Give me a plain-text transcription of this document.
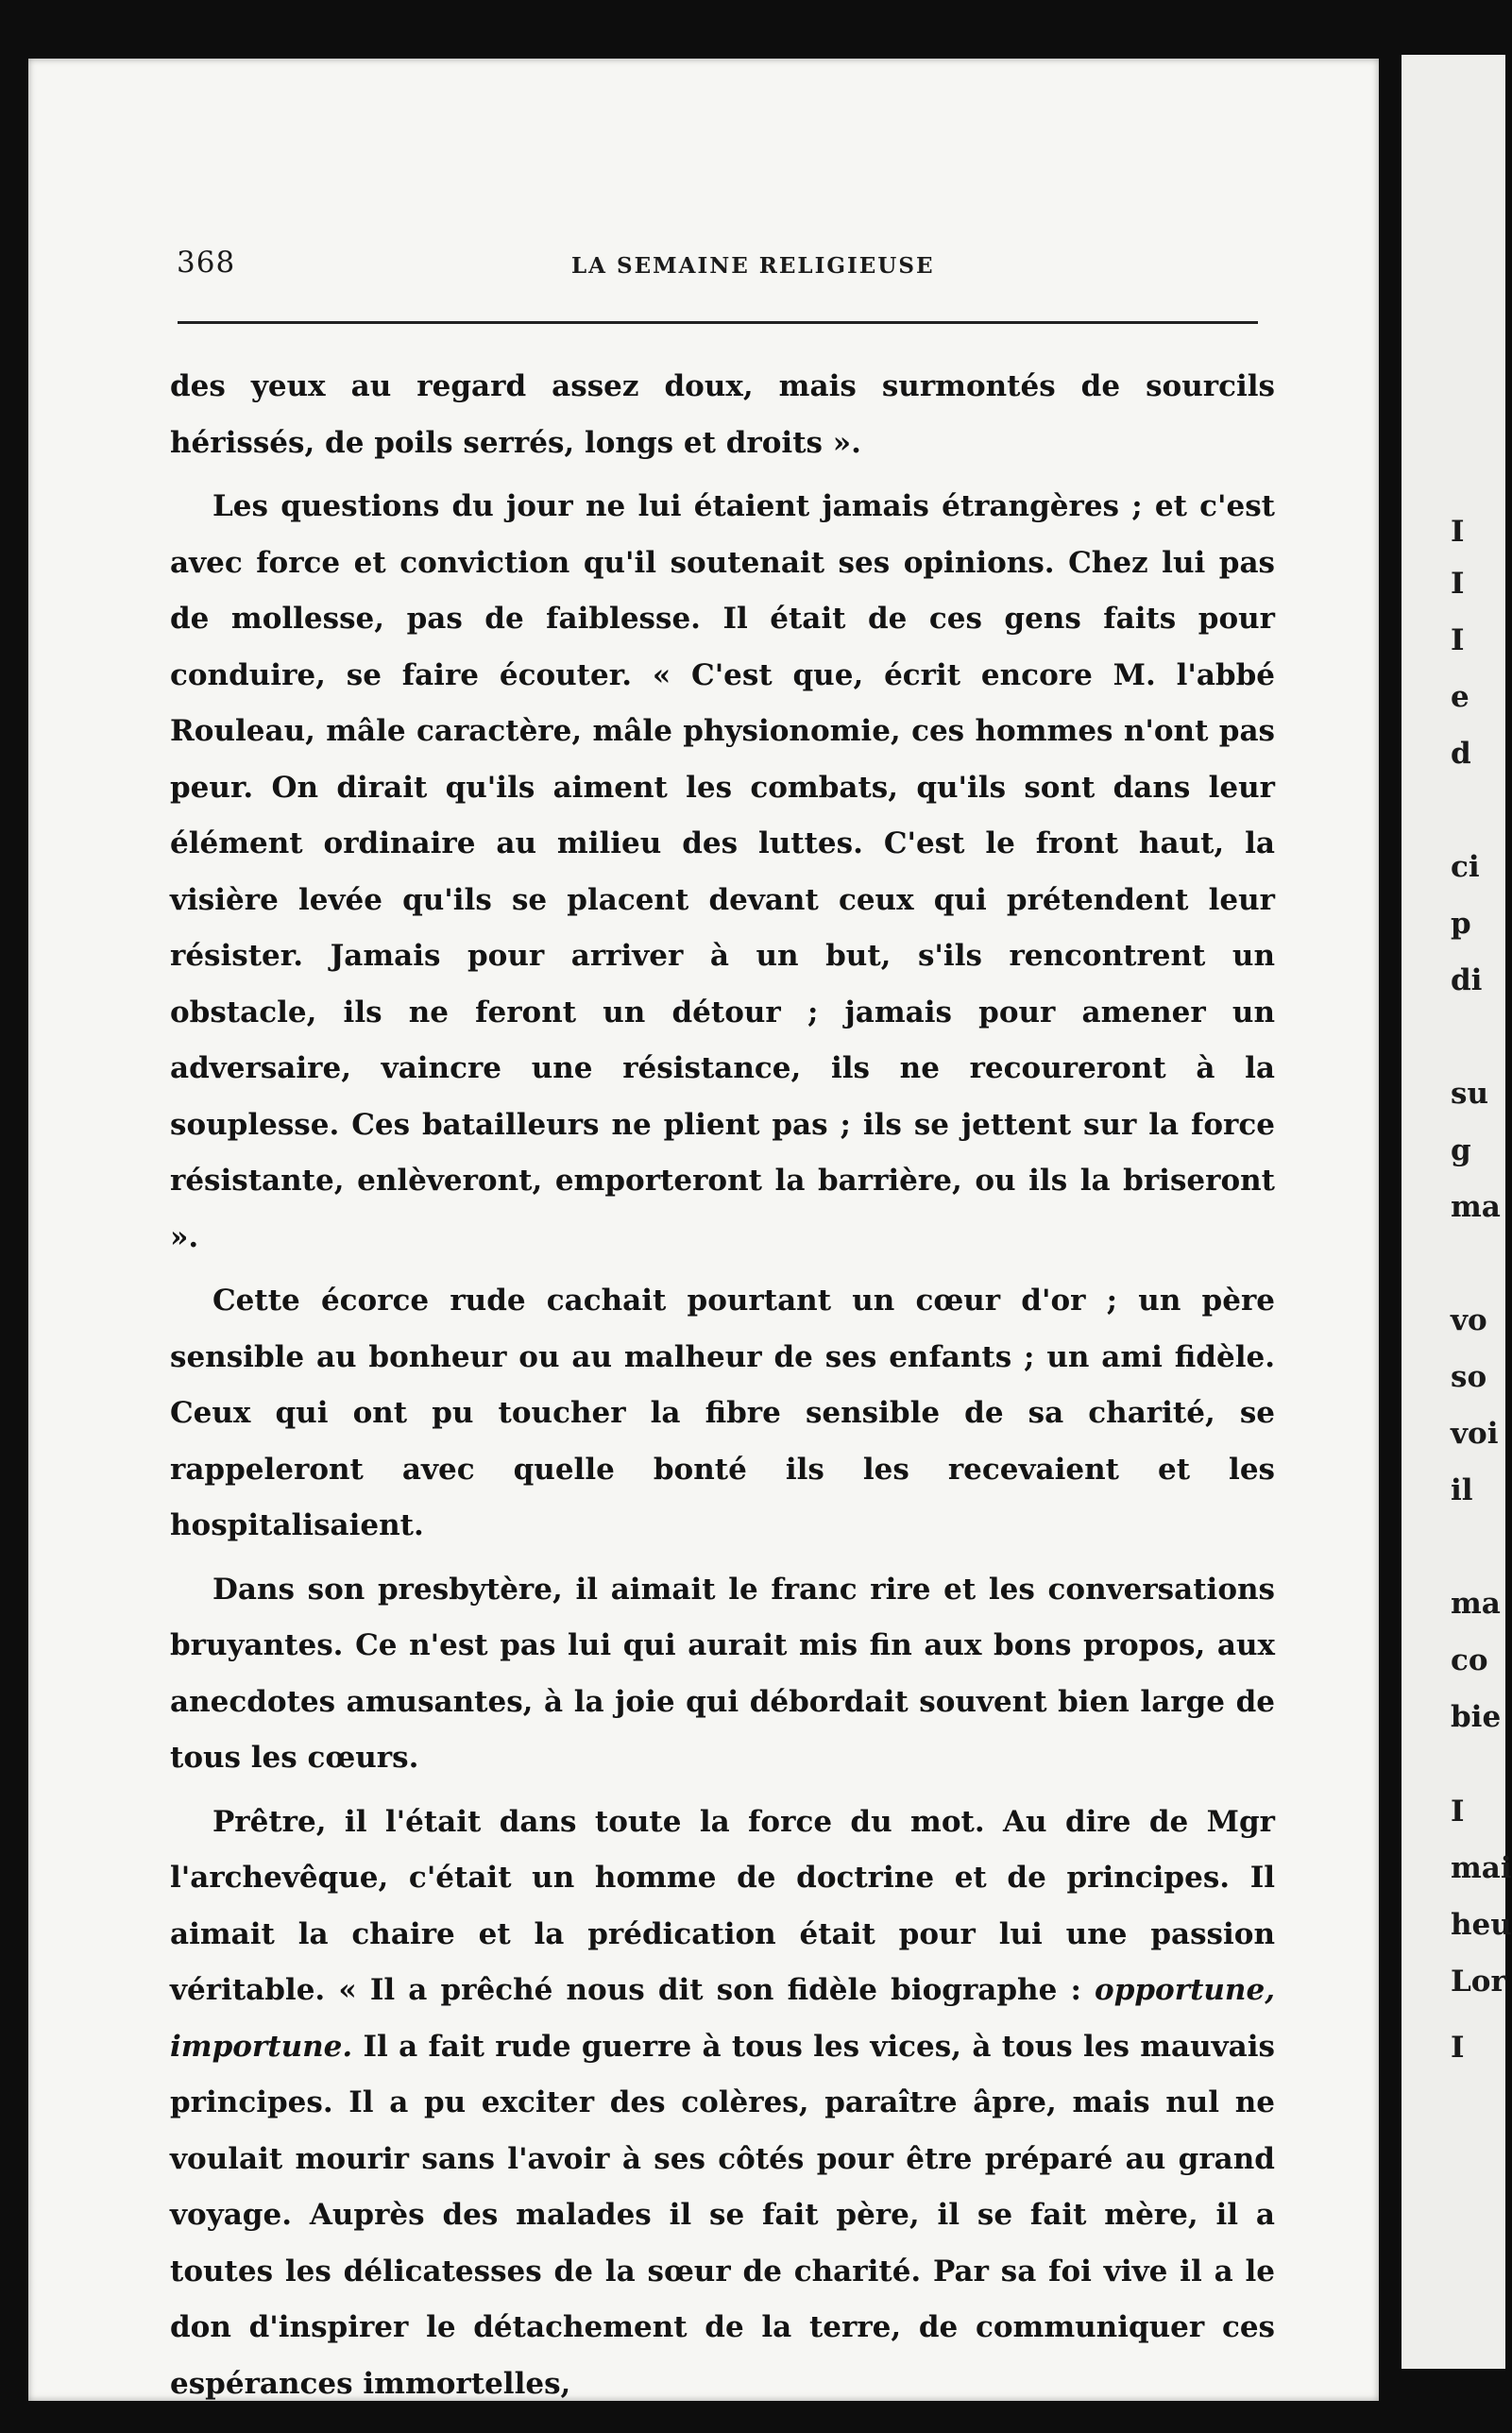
I
I
I
e
d
ci
p
di
su
g
ma
vo
so
voi
il
ma
co
bie
I
mai
heu
Lor
I
368	LA SEMAINE RELIGIEUSE

des yeux au regard assez doux, mais surmontés de sourcils hérissés, de poils serrés, longs et droits ».

Les questions du jour ne lui étaient jamais étrangères ; et c'est avec force et conviction qu'il soutenait ses opinions. Chez lui pas de mollesse, pas de faiblesse. Il était de ces gens faits pour conduire, se faire écouter. « C'est que, écrit encore M. l'abbé Rouleau, mâle caractère, mâle physionomie, ces hommes n'ont pas peur. On dirait qu'ils aiment les combats, qu'ils sont dans leur élément ordinaire au milieu des luttes. C'est le front haut, la visière levée qu'ils se placent devant ceux qui prétendent leur résister. Jamais pour arriver à un but, s'ils rencontrent un obstacle, ils ne feront un détour ; jamais pour amener un adversaire, vaincre une résistance, ils ne recoureront à la souplesse. Ces batailleurs ne plient pas ; ils se jettent sur la force résistante, enlèveront, emporteront la barrière, ou ils la briseront ».

Cette écorce rude cachait pourtant un cœur d'or ; un père sensible au bonheur ou au malheur de ses enfants ; un ami fidèle. Ceux qui ont pu toucher la fibre sensible de sa charité, se rappeleront avec quelle bonté ils les recevaient et les hospitalisaient.

Dans son presbytère, il aimait le franc rire et les conversations bruyantes. Ce n'est pas lui qui aurait mis fin aux bons propos, aux anecdotes amusantes, à la joie qui débordait souvent bien large de tous les cœurs.

Prêtre, il l'était dans toute la force du mot. Au dire de Mgr l'archevêque, c'était un homme de doctrine et de principes. Il aimait la chaire et la prédication était pour lui une passion véritable. « Il a prêché nous dit son fidèle biographe : opportune, importune. Il a fait rude guerre à tous les vices, à tous les mauvais principes. Il a pu exciter des colères, paraître âpre, mais nul ne voulait mourir sans l'avoir à ses côtés pour être préparé au grand voyage. Auprès des malades il se fait père, il se fait mère, il a toutes les délicatesses de la sœur de charité. Par sa foi vive il a le don d'inspirer le détachement de la terre, de communiquer ces espérances immortelles,
